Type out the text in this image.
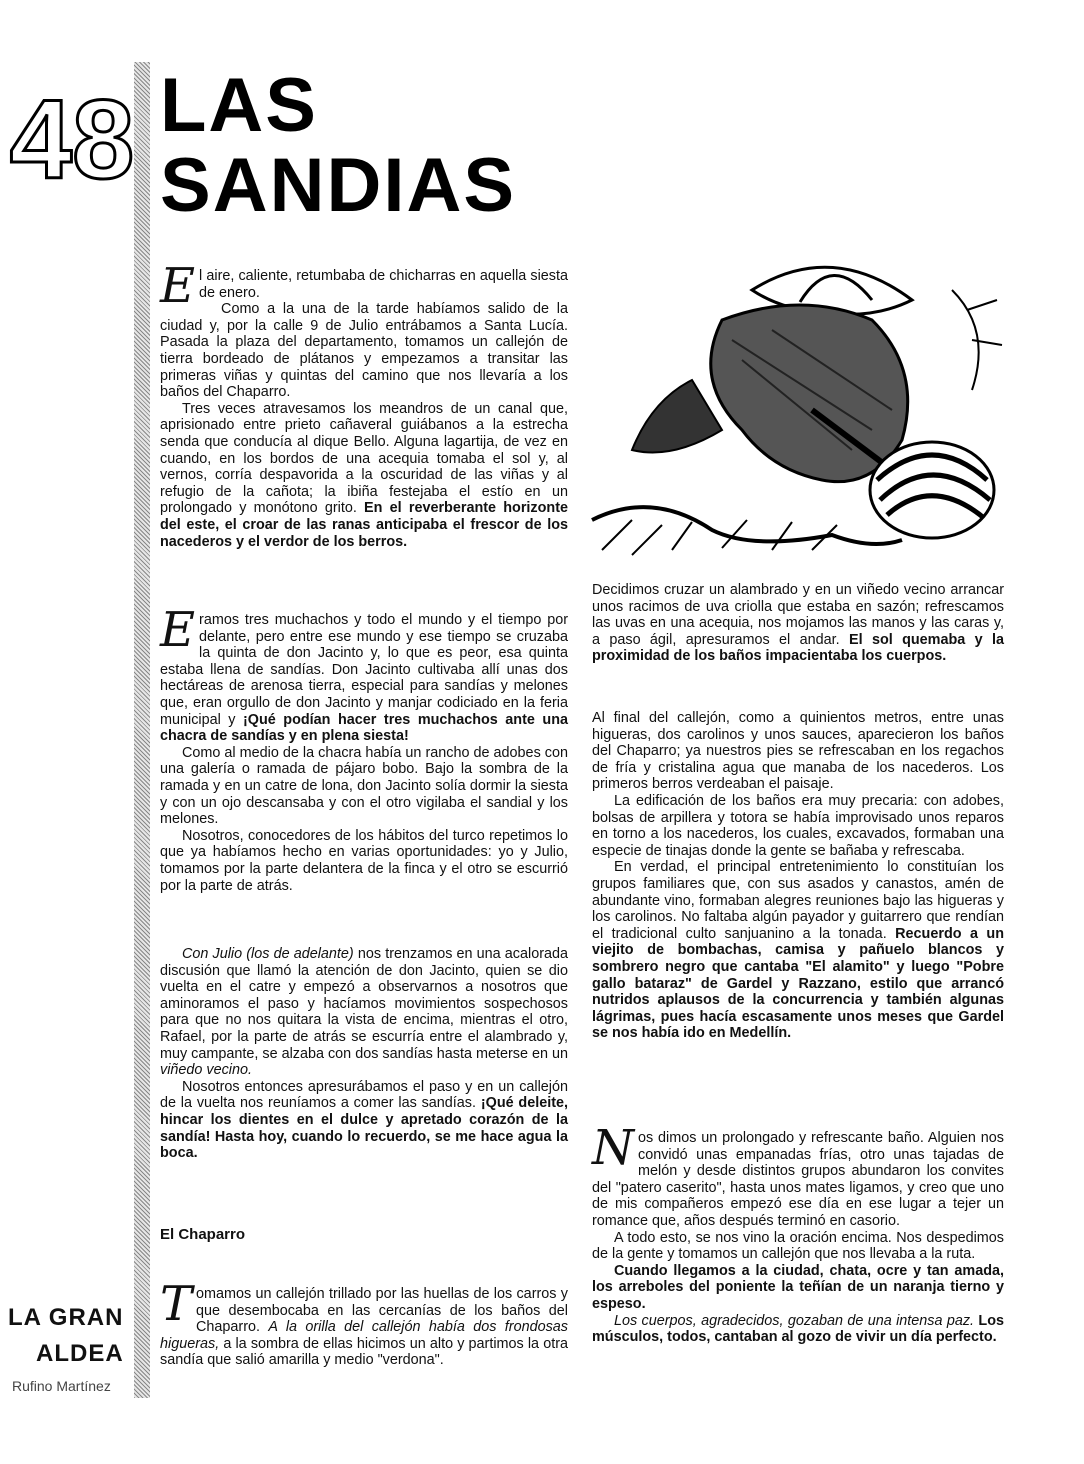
48 LAS
SANDIAS

El aire, caliente, retumbaba de chicharras en aquella siesta de enero.

Como a la una de la tarde habíamos salido de la ciudad y, por la calle 9 de Julio entrábamos a Santa Lucía. Pasada la plaza del departamento, tomamos un callejón de tierra bordeado de plátanos y empezamos a transitar las primeras viñas y quintas del camino que nos llevaría a los baños del Chaparro.

Tres veces atravesamos los meandros de un canal que, aprisionado entre prieto cañaveral guiábanos a la estrecha senda que conducía al dique Bello. Alguna lagartija, de vez en cuando, en los bordos de una acequia tomaba el sol y, al vernos, corría despavorida a la oscuridad de las viñas y al refugio de la cañota; la ibiña festejaba el estío en un prolongado y monótono grito. En el reverberante horizonte del este, el croar de las ranas anticipaba el frescor de los nacederos y el verdor de los berros.

Eramos tres muchachos y todo el mundo y el tiempo por delante, pero entre ese mundo y ese tiempo se cruzaba la quinta de don Jacinto y, lo que es peor, esa quinta estaba llena de sandías. Don Jacinto cultivaba allí unas dos hectáreas de arenosa tierra, especial para sandías y melones que, eran orgullo de don Jacinto y manjar codiciado en la feria municipal y ¡Qué podían hacer tres muchachos ante una chacra de sandías y en plena siesta!

Como al medio de la chacra había un rancho de adobes con una galería o ramada de pájaro bobo. Bajo la sombra de la ramada y en un catre de lona, don Jacinto solía dormir la siesta y con un ojo descansaba y con el otro vigilaba el sandial y los melones.

Nosotros, conocedores de los hábitos del turco repetimos lo que ya habíamos hecho en varias oportunidades: yo y Julio, tomamos por la parte delantera de la finca y el otro se escurrió por la parte de atrás.

Con Julio (los de adelante) nos trenzamos en una acalorada discusión que llamó la atención de don Jacinto, quien se dio vuelta en el catre y empezó a observarnos a nosotros que aminoramos el paso y hacíamos movimientos sospechosos para que no nos quitara la vista de encima, mientras el otro, Rafael, por la parte de atrás se escurría entre el alambrado y, muy campante, se alzaba con dos sandías hasta meterse en un viñedo vecino.

Nosotros entonces apresurábamos el paso y en un callejón de la vuelta nos reuníamos a comer las sandías. ¡Qué deleite, hincar los dientes en el dulce y apretado corazón de la sandía! Hasta hoy, cuando lo recuerdo, se me hace agua la boca.

El Chaparro

Tomamos un callejón trillado por las huellas de los carros y que desembocaba en las cercanías de los baños del Chaparro. A la orilla del callejón había dos frondosas higueras, a la sombra de ellas hicimos un alto y partimos la otra sandía que salió amarilla y medio "verdona".

Decidimos cruzar un alambrado y en un viñedo vecino arrancar unos racimos de uva criolla que estaba en sazón; refrescamos las uvas en una acequia, nos mojamos las manos y las caras y, a paso ágil, apresuramos el andar. El sol quemaba y la proximidad de los baños impacientaba los cuerpos.

Al final del callejón, como a quinientos metros, entre unas higueras, dos carolinos y unos sauces, aparecieron los baños del Chaparro; ya nuestros pies se refrescaban en los regachos de fría y cristalina agua que manaba de los nacederos. Los primeros berros verdeaban el paisaje.

La edificación de los baños era muy precaria: con adobes, bolsas de arpillera y totora se había improvisado unos reparos en torno a los nacederos, los cuales, excavados, formaban una especie de tinajas donde la gente se bañaba y refrescaba.

En verdad, el principal entretenimiento lo constituían los grupos familiares que, con sus asados y canastos, amén de abundante vino, formaban alegres reuniones bajo las higueras y los carolinos. No faltaba algún payador y guitarrero que rendían el tradicional culto sanjuanino a la tonada. Recuerdo a un viejito de bombachas, camisa y pañuelo blancos y sombrero negro que cantaba "El alamito" y luego "Pobre gallo bataraz" de Gardel y Razzano, estilo que arrancó nutridos aplausos de la concurrencia y también algunas lágrimas, pues hacía escasamente unos meses que Gardel se nos había ido en Medellín.

Nos dimos un prolongado y refrescante baño. Alguien nos convidó unas empanadas frías, otro unas tajadas de melón y desde distintos grupos abundaron los convites del "patero caserito", hasta unos mates ligamos, y creo que uno de mis compañeros empezó ese día en ese lugar a tejer un romance que, años después terminó en casorio.

A todo esto, se nos vino la oración encima. Nos despedimos de la gente y tomamos un callejón que nos llevaba a la ruta.

Cuando llegamos a la ciudad, chata, ocre y tan amada, los arreboles del poniente la teñían de un naranja tierno y espeso.

Los cuerpos, agradecidos, gozaban de una intensa paz. Los músculos, todos, cantaban al gozo de vivir un día perfecto.

LA GRAN
ALDEA
Rufino Martínez
